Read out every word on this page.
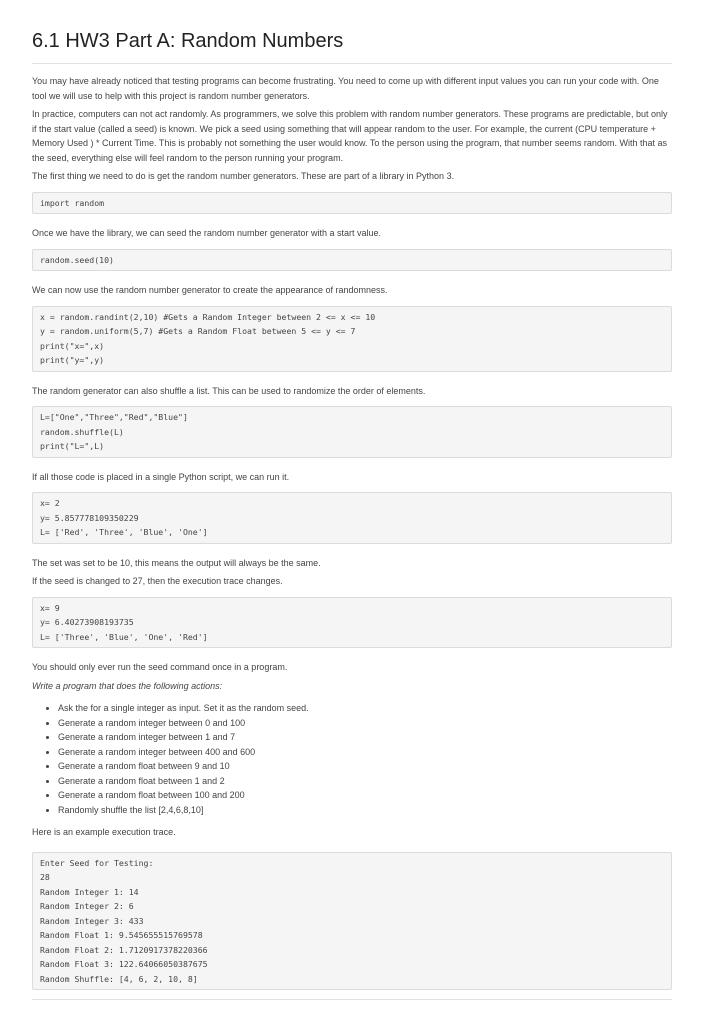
6.1 HW3 Part A: Random Numbers

You may have already noticed that testing programs can become frustrating. You need to come up with different input values you can run your code with. One tool we will use to help with this project is random number generators.

In practice, computers can not act randomly. As programmers, we solve this problem with random number generators. These programs are predictable, but only if the start value (called a seed) is known. We pick a seed using something that will appear random to the user. For example, the current (CPU temperature + Memory Used ) * Current Time. This is probably not something the user would know. To the person using the program, that number seems random. With that as the seed, everything else will feel random to the person running your program.

The first thing we need to do is get the random number generators. These are part of a library in Python 3.

import random

Once we have the library, we can seed the random number generator with a start value.

random.seed(10)

We can now use the random number generator to create the appearance of randomness.

x = random.randint(2,10) #Gets a Random Integer between 2 <= x <= 10
y = random.uniform(5,7) #Gets a Random Float between 5 <= y <= 7
print("x=",x)
print("y=",y)

The random generator can also shuffle a list. This can be used to randomize the order of elements.

L=["One","Three","Red","Blue"]
random.shuffle(L)
print("L=",L)

If all those code is placed in a single Python script, we can run it.

x= 2
y= 5.857778109350229
L= ['Red', 'Three', 'Blue', 'One']

The set was set to be 10, this means the output will always be the same.

If the seed is changed to 27, then the execution trace changes.

x= 9
y= 6.40273908193735
L= ['Three', 'Blue', 'One', 'Red']

You should only ever run the seed command once in a program.

Write a program that does the following actions:

• Ask the for a single integer as input. Set it as the random seed.
• Generate a random integer between 0 and 100
• Generate a random integer between 1 and 7
• Generate a random integer between 400 and 600
• Generate a random float between 9 and 10
• Generate a random float between 1 and 2
• Generate a random float between 100 and 200
• Randomly shuffle the list [2,4,6,8,10]

Here is an example execution trace.

Enter Seed for Testing:
28
Random Integer 1: 14
Random Integer 2: 6
Random Integer 3: 433
Random Float 1: 9.545655515769578
Random Float 2: 1.7120917378220366
Random Float 3: 122.64066050387675
Random Shuffle: [4, 6, 2, 10, 8]
